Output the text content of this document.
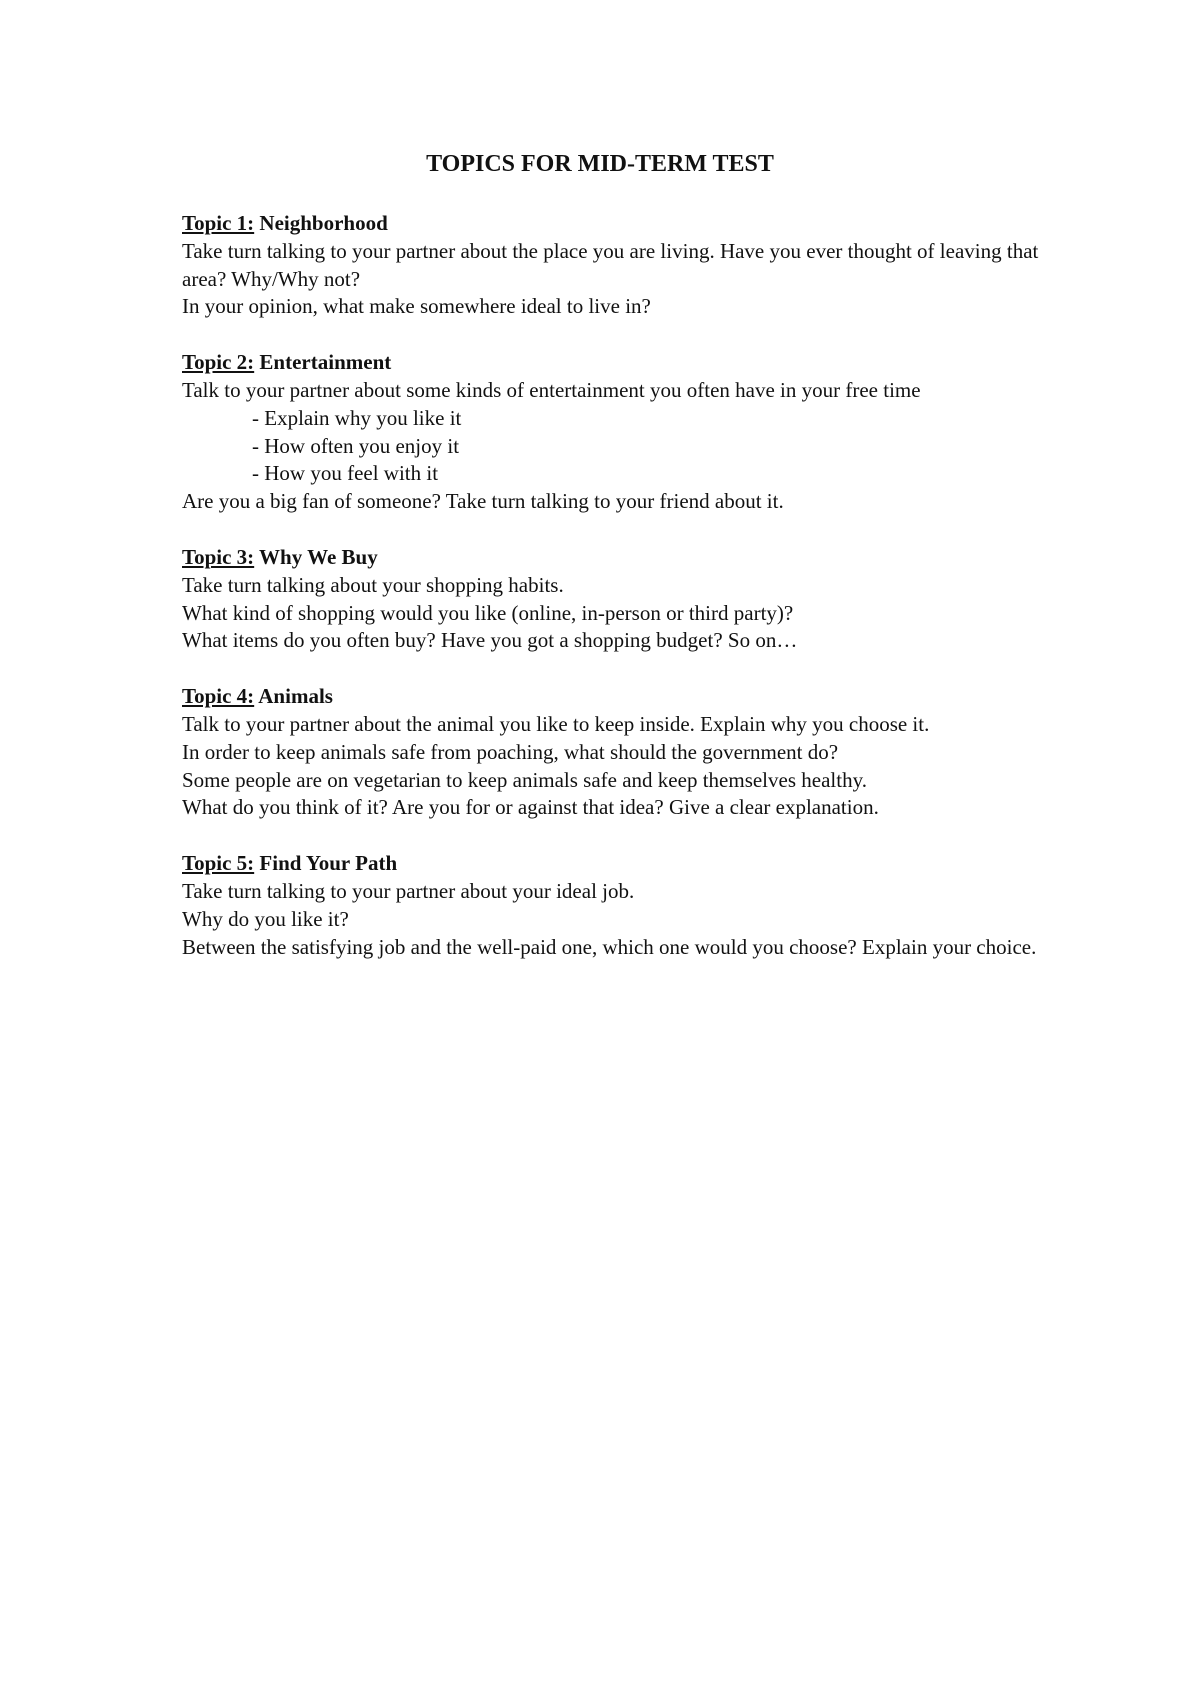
TOPICS FOR MID-TERM TEST

Topic 1: Neighborhood

Take turn talking to your partner about the place you are living. Have you ever thought of leaving that area? Why/Why not?

In your opinion, what make somewhere ideal to live in?

Topic 2: Entertainment

Talk to your partner about some kinds of entertainment you often have in your free time

- Explain why you like it

- How often you enjoy it

- How you feel with it

Are you a big fan of someone? Take turn talking to your friend about it.

Topic 3: Why We Buy

Take turn talking about your shopping habits.

What kind of shopping would you like (online, in-person or third party)?

What items do you often buy? Have you got a shopping budget? So on…

Topic 4: Animals

Talk to your partner about the animal you like to keep inside. Explain why you choose it.

In order to keep animals safe from poaching, what should the government do?

Some people are on vegetarian to keep animals safe and keep themselves healthy.

What do you think of it? Are you for or against that idea? Give a clear explanation.

Topic 5: Find Your Path

Take turn talking to your partner about your ideal job.

Why do you like it?

Between the satisfying job and the well-paid one, which one would you choose? Explain your choice.
